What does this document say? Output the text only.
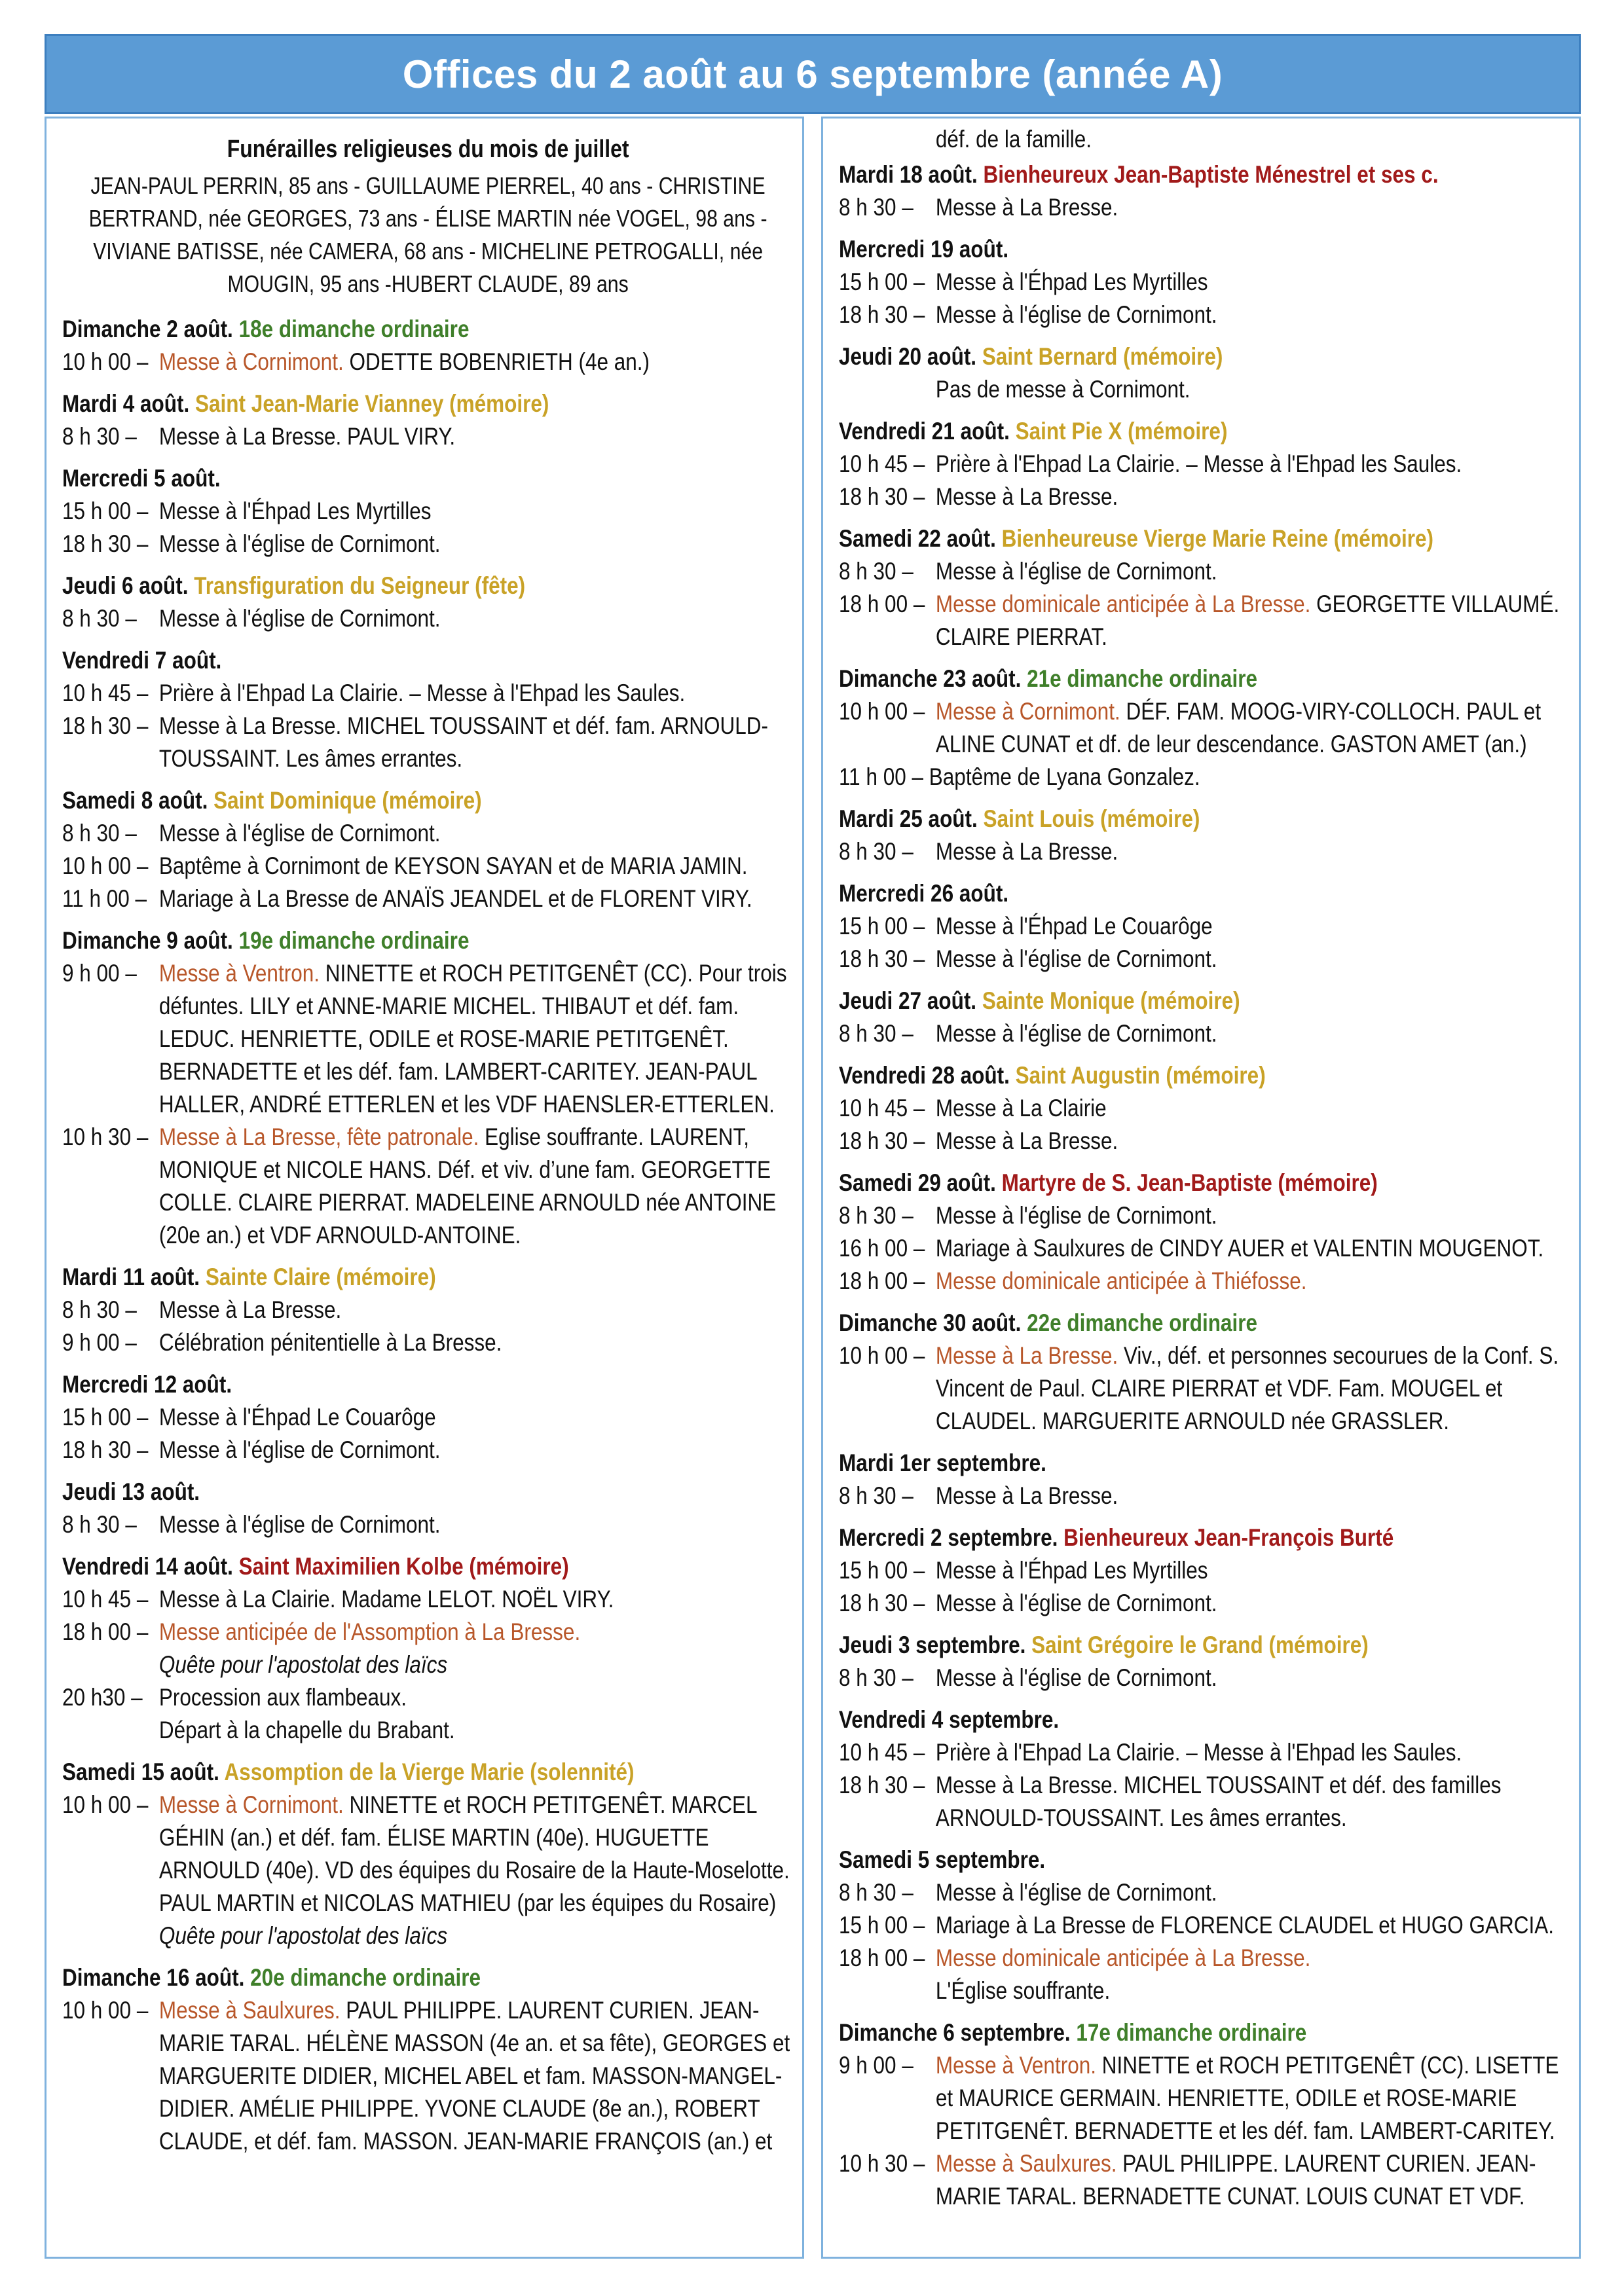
Offices du 2 août au 6 septembre (année A)
Funérailles religieuses du mois de juillet
JEAN-PAUL PERRIN, 85 ans - GUILLAUME PIERREL, 40 ans - CHRISTINE BERTRAND, née GEORGES, 73 ans - ÉLISE MARTIN née VOGEL, 98 ans - VIVIANE BATISSE, née CAMERA, 68 ans - MICHELINE PETROGALLI, née MOUGIN, 95 ans -HUBERT CLAUDE, 89 ans
Dimanche 2 août. 18e dimanche ordinaire
10 h 00 – Messe à Cornimont. ODETTE BOBENRIETH (4e an.)
Mardi 4 août. Saint Jean-Marie Vianney (mémoire)
8 h 30 – Messe à La Bresse. PAUL VIRY.
Mercredi 5 août.
15 h 00 – Messe à l'Éhpad Les Myrtilles
18 h 30 – Messe à l'église de Cornimont.
Jeudi 6 août. Transfiguration du Seigneur (fête)
8 h 30 – Messe à l'église de Cornimont.
Vendredi 7 août.
10 h 45 – Prière à l'Ehpad La Clairie. – Messe à l'Ehpad les Saules.
18 h 30 – Messe à La Bresse. MICHEL TOUSSAINT et déf. fam. ARNOULD-TOUSSAINT. Les âmes errantes.
Samedi 8 août. Saint Dominique (mémoire)
8 h 30 – Messe à l'église de Cornimont.
10 h 00 – Baptême à Cornimont de KEYSON SAYAN et de MARIA JAMIN.
11 h 00 – Mariage à La Bresse de ANAÏS JEANDEL et de FLORENT VIRY.
Dimanche 9 août. 19e dimanche ordinaire
9 h 00 – Messe à Ventron. NINETTE et ROCH PETITGENÊT (CC). Pour trois défuntes. LILY et ANNE-MARIE MICHEL. THIBAUT et déf. fam. LEDUC. HENRIETTE, ODILE et ROSE-MARIE PETITGENÊT. BERNADETTE et les déf. fam. LAMBERT-CARITEY. JEAN-PAUL HALLER, ANDRÉ ETTERLEN et les VDF HAENSLER-ETTERLEN.
10 h 30 – Messe à La Bresse, fête patronale. Eglise souffrante. LAURENT, MONIQUE et NICOLE HANS. Déf. et viv. d’une fam. GEORGETTE COLLE. CLAIRE PIERRAT. MADELEINE ARNOULD née ANTOINE (20e an.) et VDF ARNOULD-ANTOINE.
Mardi 11 août. Sainte Claire (mémoire)
8 h 30 – Messe à La Bresse.
9 h 00 – Célébration pénitentielle à La Bresse.
Mercredi 12 août.
15 h 00 – Messe à l'Éhpad Le Couarôge
18 h 30 – Messe à l'église de Cornimont.
Jeudi 13 août.
8 h 30 – Messe à l'église de Cornimont.
Vendredi 14 août. Saint Maximilien Kolbe (mémoire)
10 h 45 – Messe à La Clairie. Madame LELOT. NOËL VIRY.
18 h 00 – Messe anticipée de l'Assomption à La Bresse.
Quête pour l'apostolat des laïcs
20 h30 – Procession aux flambeaux.
Départ à la chapelle du Brabant.
Samedi 15 août. Assomption de la Vierge Marie (solennité)
10 h 00 – Messe à Cornimont. NINETTE et ROCH PETITGENÊT. MARCEL GÉHIN (an.) et déf. fam. ÉLISE MARTIN (40e). HUGUETTE ARNOULD (40e). VD des équipes du Rosaire de la Haute-Moselotte. PAUL MARTIN et NICOLAS MATHIEU (par les équipes du Rosaire)
Quête pour l'apostolat des laïcs
Dimanche 16 août. 20e dimanche ordinaire
10 h 00 – Messe à Saulxures. PAUL PHILIPPE. LAURENT CURIEN. JEAN-MARIE TARAL. HÉLÈNE MASSON (4e an. et sa fête), GEORGES et MARGUERITE DIDIER, MICHEL ABEL et fam. MASSON-MANGEL-DIDIER. AMÉLIE PHILIPPE. YVONE CLAUDE (8e an.), ROBERT CLAUDE, et déf. fam. MASSON. JEAN-MARIE FRANÇOIS (an.) et
déf. de la famille.
Mardi 18 août. Bienheureux Jean-Baptiste Ménestrel et ses c.
8 h 30 – Messe à La Bresse.
Mercredi 19 août.
15 h 00 – Messe à l'Éhpad Les Myrtilles
18 h 30 – Messe à l'église de Cornimont.
Jeudi 20 août. Saint Bernard (mémoire)
Pas de messe à Cornimont.
Vendredi 21 août. Saint Pie X (mémoire)
10 h 45 – Prière à l'Ehpad La Clairie. – Messe à l'Ehpad les Saules.
18 h 30 – Messe à La Bresse.
Samedi 22 août. Bienheureuse Vierge Marie Reine (mémoire)
8 h 30 – Messe à l'église de Cornimont.
18 h 00 – Messe dominicale anticipée à La Bresse. GEORGETTE VILLAUMÉ. CLAIRE PIERRAT.
Dimanche 23 août. 21e dimanche ordinaire
10 h 00 – Messe à Cornimont. DÉF. FAM. MOOG-VIRY-COLLOCH. PAUL et ALINE CUNAT et df. de leur descendance. GASTON AMET (an.)
11 h 00 – Baptême de Lyana Gonzalez.
Mardi 25 août. Saint Louis (mémoire)
8 h 30 – Messe à La Bresse.
Mercredi 26 août.
15 h 00 – Messe à l'Éhpad Le Couarôge
18 h 30 – Messe à l'église de Cornimont.
Jeudi 27 août. Sainte Monique (mémoire)
8 h 30 – Messe à l'église de Cornimont.
Vendredi 28 août. Saint Augustin (mémoire)
10 h 45 – Messe à La Clairie
18 h 30 – Messe à La Bresse.
Samedi 29 août. Martyre de S. Jean-Baptiste (mémoire)
8 h 30 – Messe à l'église de Cornimont.
16 h 00 – Mariage à Saulxures de CINDY AUER et VALENTIN MOUGENOT.
18 h 00 – Messe dominicale anticipée à Thiéfosse.
Dimanche 30 août. 22e dimanche ordinaire
10 h 00 – Messe à La Bresse. Viv., déf. et personnes secourues de la Conf. S. Vincent de Paul. CLAIRE PIERRAT et VDF. Fam. MOUGEL et CLAUDEL. MARGUERITE ARNOULD née GRASSLER.
Mardi 1er septembre.
8 h 30 – Messe à La Bresse.
Mercredi 2 septembre. Bienheureux Jean-François Burté
15 h 00 – Messe à l'Éhpad Les Myrtilles
18 h 30 – Messe à l'église de Cornimont.
Jeudi 3 septembre. Saint Grégoire le Grand (mémoire)
8 h 30 – Messe à l'église de Cornimont.
Vendredi 4 septembre.
10 h 45 – Prière à l'Ehpad La Clairie. – Messe à l'Ehpad les Saules.
18 h 30 – Messe à La Bresse. MICHEL TOUSSAINT et déf. des familles ARNOULD-TOUSSAINT. Les âmes errantes.
Samedi 5 septembre.
8 h 30 – Messe à l'église de Cornimont.
15 h 00 – Mariage à La Bresse de FLORENCE CLAUDEL et HUGO GARCIA.
18 h 00 – Messe dominicale anticipée à La Bresse.
L'Église souffrante.
Dimanche 6 septembre. 17e dimanche ordinaire
9 h 00 – Messe à Ventron. NINETTE et ROCH PETITGENÊT (CC). LISETTE et MAURICE GERMAIN. HENRIETTE, ODILE et ROSE-MARIE PETITGENÊT. BERNADETTE et les déf. fam. LAMBERT-CARITEY.
10 h 30 – Messe à Saulxures. PAUL PHILIPPE. LAURENT CURIEN. JEAN-MARIE TARAL. BERNADETTE CUNAT. LOUIS CUNAT ET VDF.
